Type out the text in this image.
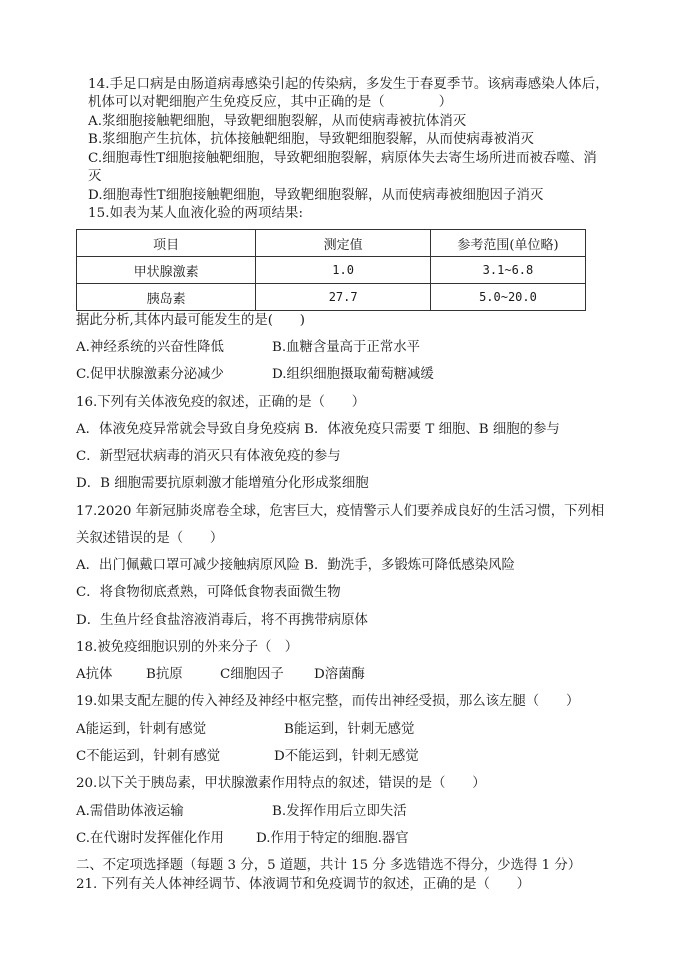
14.手足口病是由肠道病毒感染引起的传染病，多发生于春夏季节。该病毒感染人体后，
机体可以对靶细胞产生免疫反应，其中正确的是（　　　　）
A.浆细胞接触靶细胞，导致靶细胞裂解，从而使病毒被抗体消灭
B.浆细胞产生抗体，抗体接触靶细胞，导致靶细胞裂解，从而使病毒被消灭
C.细胞毒性T细胞接触靶细胞，导致靶细胞裂解，病原体失去寄生场所进而被吞噬、消
灭
D.细胞毒性T细胞接触靶细胞，导致靶细胞裂解，从而使病毒被细胞因子消灭
15.如表为某人血液化验的两项结果:
项目	测定值	参考范围(单位略)
甲状腺激素	1.0	3.1~6.8
胰岛素	27.7	5.0~20.0
据此分析,其体内最可能发生的是(　　)
A.神经系统的兴奋性降低	B.血糖含量高于正常水平
C.促甲状腺激素分泌减少	D.组织细胞摄取葡萄糖减缓
16.下列有关体液免疫的叙述，正确的是（　　）
A．体液免疫异常就会导致自身免疫病 B．体液免疫只需要 T 细胞、B 细胞的参与
C．新型冠状病毒的消灭只有体液免疫的参与
D．B 细胞需要抗原刺激才能增殖分化形成浆细胞
17.2020 年新冠肺炎席卷全球，危害巨大，疫情警示人们要养成良好的生活习惯，下列相
关叙述错误的是（　　）
A．出门佩戴口罩可减少接触病原风险 B．勤洗手，多锻炼可降低感染风险
C．将食物彻底煮熟，可降低食物表面微生物
D．生鱼片经食盐溶液消毒后，将不再携带病原体
18.被免疫细胞识别的外来分子（　）
A抗体	B抗原	C细胞因子 D溶菌酶
19.如果支配左腿的传入神经及神经中枢完整，而传出神经受损，那么该左腿（　　）
A能运到，针刺有感觉	B能运到，针刺无感觉
C不能运到，针刺有感觉	D不能运到，针刺无感觉
20.以下关于胰岛素，甲状腺激素作用特点的叙述，错误的是（　　）
A.需借助体液运输	B.发挥作用后立即失活
C.在代谢时发挥催化作用 D.作用于特定的细胞.器官
二、不定项选择题（每题 3 分，5 道题，共计 15 分 多选错选不得分，少选得 1 分）
21. 下列有关人体神经调节、体液调节和免疫调节的叙述，正确的是（　　）
